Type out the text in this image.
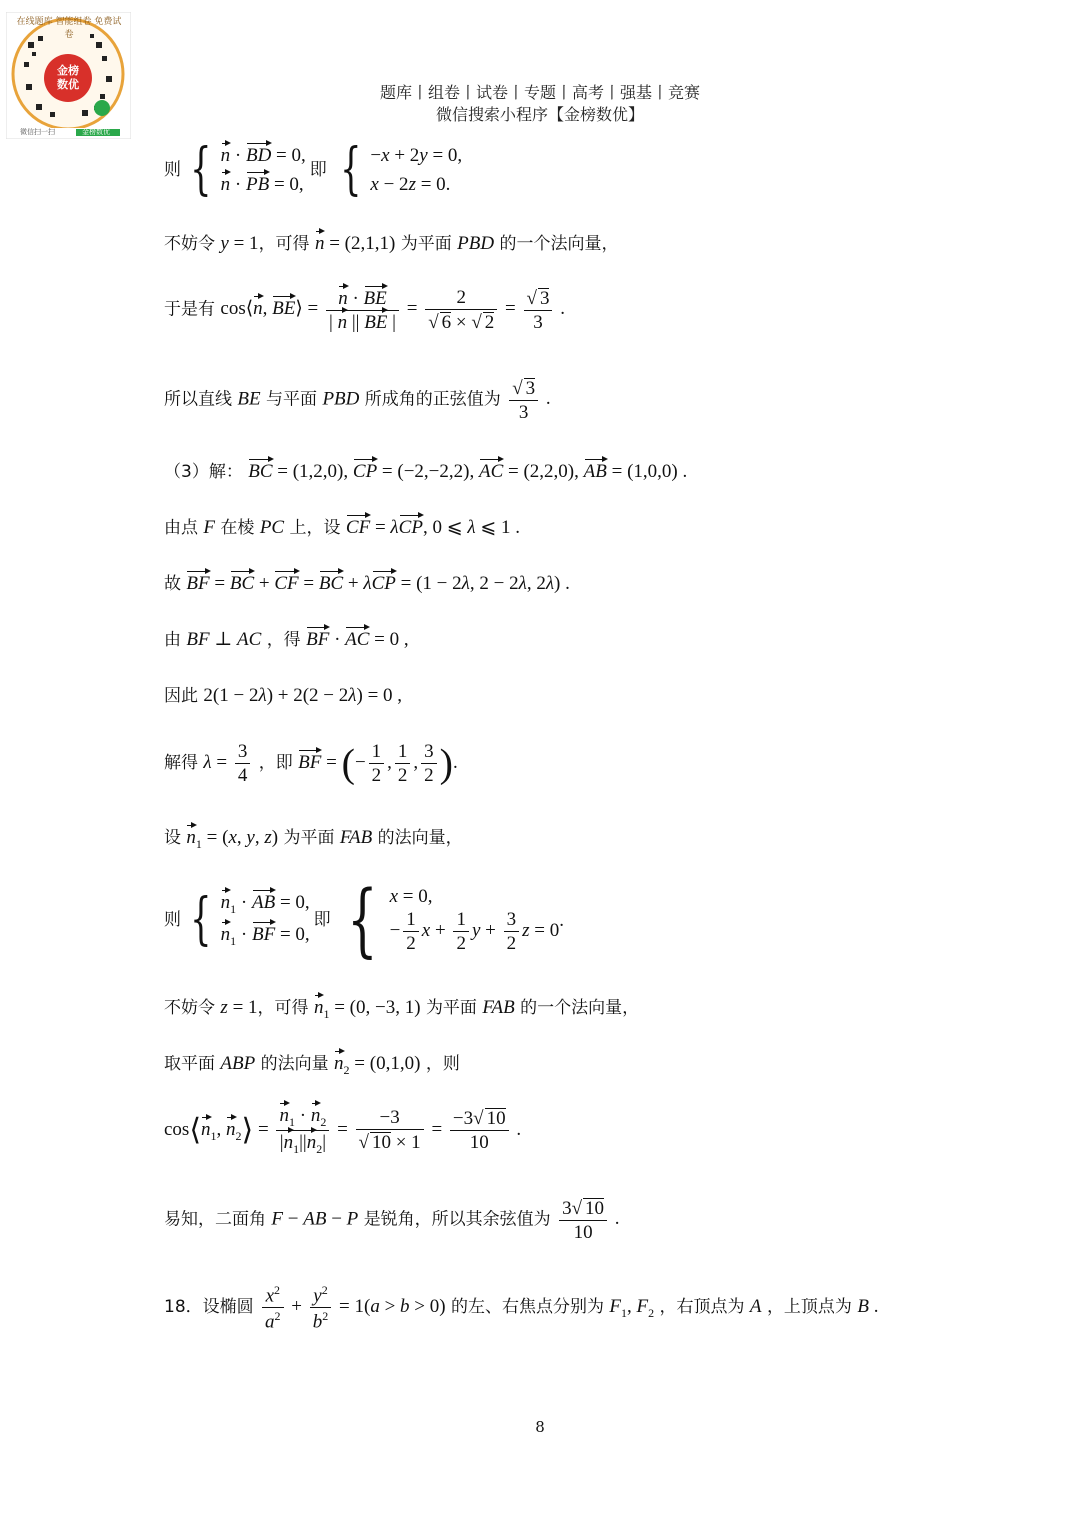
金榜
数优
在线题库 智能组卷 免费试卷
微信扫一扫	金榜数优
题库丨组卷丨试卷丨专题丨高考丨强基丨竞赛
微信搜索小程序【金榜数优】
则 { n · BD = 0,
n · PB = 0,
即 { −x + 2y = 0,
x − 2z = 0.
不妨令 y = 1，可得 n = (2,1,1) 为平面 PBD 的一个法向量，
于是有 cos⟨n, BE⟩ = $\frac{n \cdot BE}{| n || BE |} = \frac{2}{√ 6 \times √ 2} = \frac{√ 3}{3}$ .
所以直线 BE 与平面 PBD 所成角的正弦值为 $\frac{√ 3}{3}$ .
（3）解： BC = (1,2,0), CP = (−2,−2,2), AC = (2,2,0), AB = (1,0,0) .
由点 F 在棱 PC 上，设 CF = λCP, 0 ⩽ λ ⩽ 1 .
故 BF = BC + CF = BC + λCP = (1 − 2λ, 2 − 2λ, 2λ) .
由 BF ⊥ AC ，得 BF · AC = 0 ,
因此 2(1 − 2λ) + 2(2 − 2λ) = 0 ,
解得 $\lambda = \frac{3}{4}$ ，即 BF = (− $\frac{1}{2}$ , $\frac{1}{2}$ , $\frac{3}{2}$ ).
设 $n_1 = (x$, y, z) 为平面 FAB 的法向量，
则 { $n_1$ · AB = 0,
$n_1$ · BF = 0,
即 { x = 0,
− $\frac{1}{2}$ $x + \frac{1}{2}$ $y + \frac{3}{2}$ z = 0 .
不妨令 z = 1，可得 $n_1 = (0$, −3, 1) 为平面 FAB 的一个法向量，
取平面 ABP 的法向量 $n_2 = (0,1,0)$ ，则
$\cos⟨n_1$, $n_2⟩ = \frac{n_1 \cdot n_2}{|n_1||n_2|} = \frac{-3}{√ 10 \times 1} = \frac{-3√ 10}{10}$ .
易知，二面角 F − AB − P 是锐角，所以其余弦值为 $\frac{3√ 10}{10}$ .
18．设椭圆 $\frac{x^2}{a^2} + \frac{y^2}{b^2} = 1(a > b > 0)$ 的左、右焦点分别为 $F_1$, $F_2$ ，右顶点为 A ，上顶点为 B .
8
